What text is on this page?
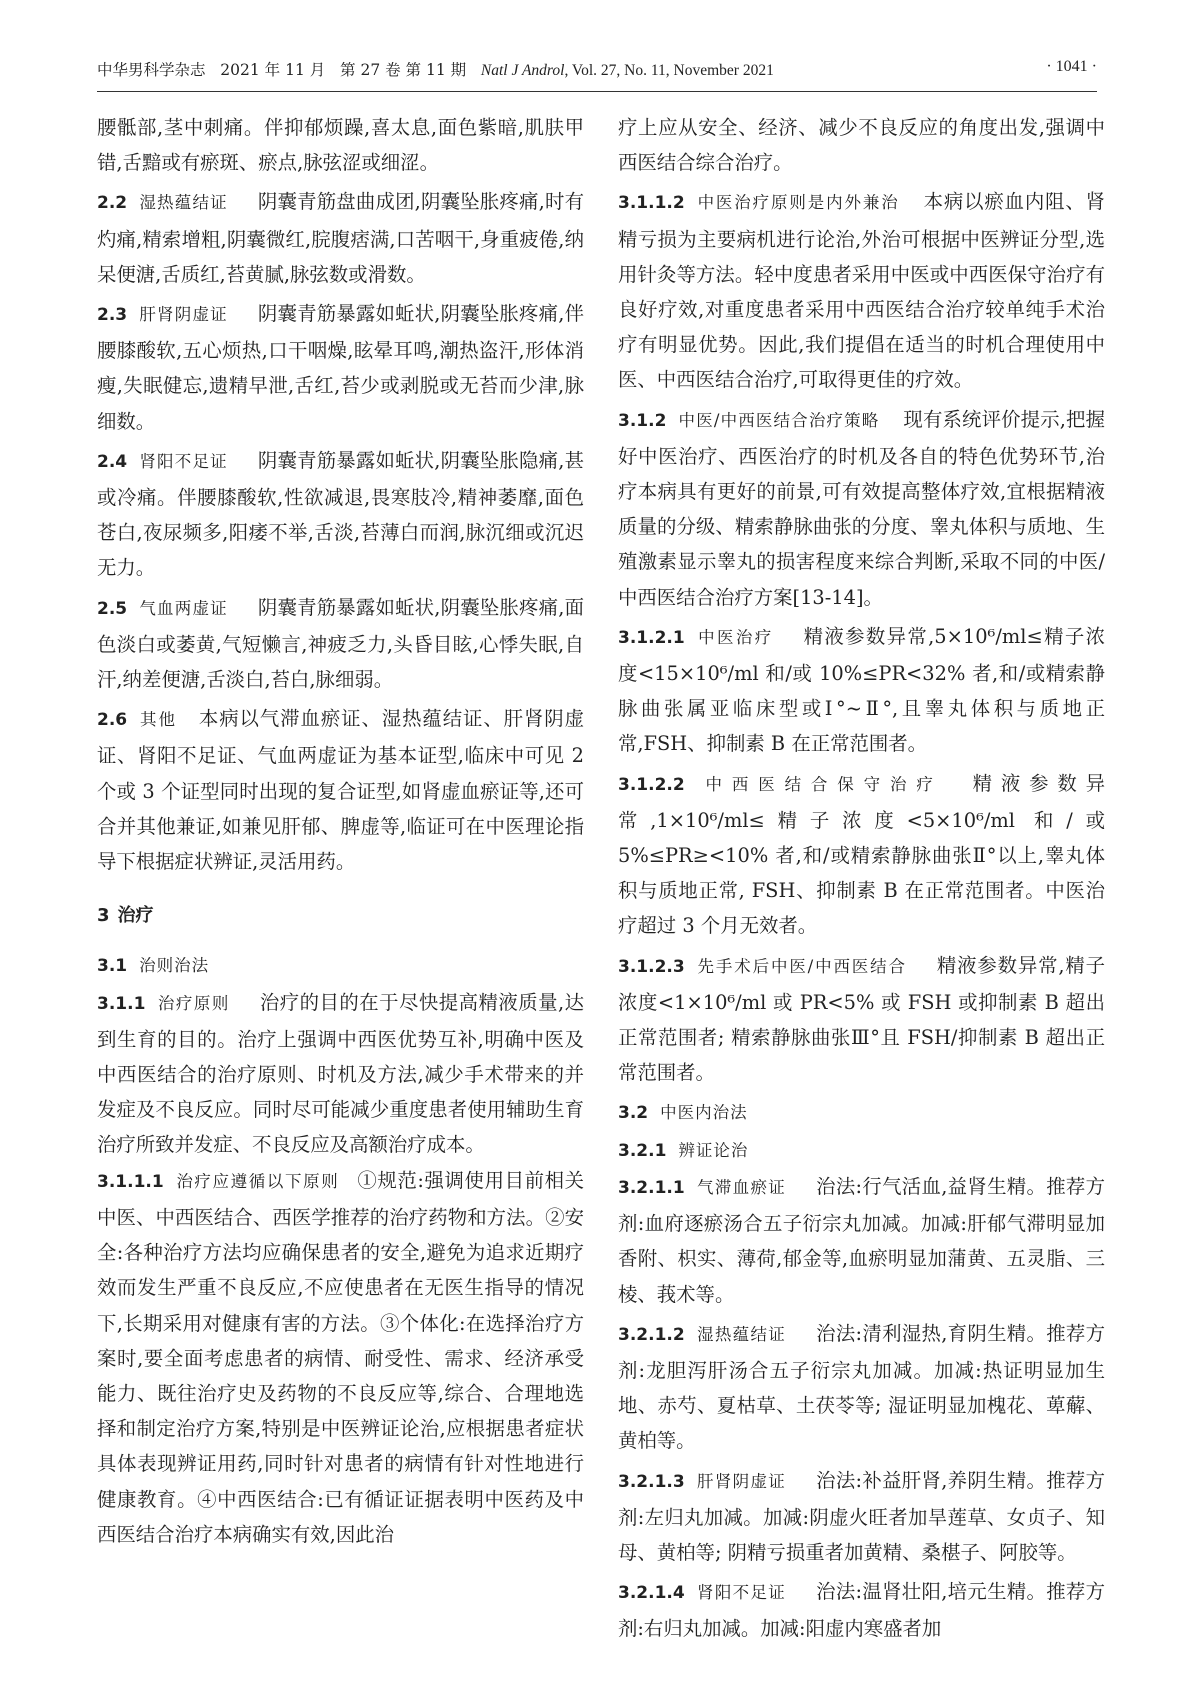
中华男科学杂志 2021 年 11 月 第 27 卷 第 11 期 Natl J Androl, Vol. 27, No. 11, November 2021	· 1041 ·

腰骶部,茎中刺痛。伴抑郁烦躁,喜太息,面色紫暗,肌肤甲错,舌黯或有瘀斑、瘀点,脉弦涩或细涩。

2.2 湿热蕴结证 阴囊青筋盘曲成团,阴囊坠胀疼痛,时有灼痛,精索增粗,阴囊微红,脘腹痞满,口苦咽干,身重疲倦,纳呆便溏,舌质红,苔黄腻,脉弦数或滑数。

2.3 肝肾阴虚证 阴囊青筋暴露如蚯状,阴囊坠胀疼痛,伴腰膝酸软,五心烦热,口干咽燥,眩晕耳鸣,潮热盗汗,形体消瘦,失眠健忘,遗精早泄,舌红,苔少或剥脱或无苔而少津,脉细数。

2.4 肾阳不足证 阴囊青筋暴露如蚯状,阴囊坠胀隐痛,甚或冷痛。伴腰膝酸软,性欲减退,畏寒肢冷,精神萎靡,面色苍白,夜尿频多,阳痿不举,舌淡,苔薄白而润,脉沉细或沉迟无力。

2.5 气血两虚证 阴囊青筋暴露如蚯状,阴囊坠胀疼痛,面色淡白或萎黄,气短懒言,神疲乏力,头昏目眩,心悸失眠,自汗,纳差便溏,舌淡白,苔白,脉细弱。

2.6 其他 本病以气滞血瘀证、湿热蕴结证、肝肾阴虚证、肾阳不足证、气血两虚证为基本证型,临床中可见 2 个或 3 个证型同时出现的复合证型,如肾虚血瘀证等,还可合并其他兼证,如兼见肝郁、脾虚等,临证可在中医理论指导下根据症状辨证,灵活用药。

3 治疗

3.1 治则治法

3.1.1 治疗原则 治疗的目的在于尽快提高精液质量,达到生育的目的。治疗上强调中西医优势互补,明确中医及中西医结合的治疗原则、时机及方法,减少手术带来的并发症及不良反应。同时尽可能减少重度患者使用辅助生育治疗所致并发症、不良反应及高额治疗成本。

3.1.1.1 治疗应遵循以下原则 ①规范:强调使用目前相关中医、中西医结合、西医学推荐的治疗药物和方法。②安全:各种治疗方法均应确保患者的安全,避免为追求近期疗效而发生严重不良反应,不应使患者在无医生指导的情况下,长期采用对健康有害的方法。③个体化:在选择治疗方案时,要全面考虑患者的病情、耐受性、需求、经济承受能力、既往治疗史及药物的不良反应等,综合、合理地选择和制定治疗方案,特别是中医辨证论治,应根据患者症状具体表现辨证用药,同时针对患者的病情有针对性地进行健康教育。④中西医结合:已有循证证据表明中医药及中西医结合治疗本病确实有效,因此治

疗上应从安全、经济、减少不良反应的角度出发,强调中西医结合综合治疗。

3.1.1.2 中医治疗原则是内外兼治 本病以瘀血内阻、肾精亏损为主要病机进行论治,外治可根据中医辨证分型,选用针灸等方法。轻中度患者采用中医或中西医保守治疗有良好疗效,对重度患者采用中西医结合治疗较单纯手术治疗有明显优势。因此,我们提倡在适当的时机合理使用中医、中西医结合治疗,可取得更佳的疗效。

3.1.2 中医/中西医结合治疗策略 现有系统评价提示,把握好中医治疗、西医治疗的时机及各自的特色优势环节,治疗本病具有更好的前景,可有效提高整体疗效,宜根据精液质量的分级、精索静脉曲张的分度、睾丸体积与质地、生殖激素显示睾丸的损害程度来综合判断,采取不同的中医/中西医结合治疗方案[13-14]。

3.1.2.1 中医治疗 精液参数异常,5×10⁶/ml≤精子浓度<15×10⁶/ml 和/或 10%≤PR<32% 者,和/或精索静脉曲张属亚临床型或Ⅰ°~Ⅱ°,且睾丸体积与质地正常,FSH、抑制素 B 在正常范围者。

3.1.2.2 中西医结合保守治疗 精液参数异常,1×10⁶/ml≤精子浓度<5×10⁶/ml 和/或 5%≤PR≥<10% 者,和/或精索静脉曲张Ⅱ°以上,睾丸体积与质地正常, FSH、抑制素 B 在正常范围者。中医治疗超过 3 个月无效者。

3.1.2.3 先手术后中医/中西医结合 精液参数异常,精子浓度<1×10⁶/ml 或 PR<5% 或 FSH 或抑制素 B 超出正常范围者; 精索静脉曲张Ⅲ°且 FSH/抑制素 B 超出正常范围者。

3.2 中医内治法

3.2.1 辨证论治

3.2.1.1 气滞血瘀证 治法:行气活血,益肾生精。推荐方剂:血府逐瘀汤合五子衍宗丸加减。加减:肝郁气滞明显加香附、枳实、薄荷,郁金等,血瘀明显加蒲黄、五灵脂、三棱、莪术等。

3.2.1.2 湿热蕴结证 治法:清利湿热,育阴生精。推荐方剂:龙胆泻肝汤合五子衍宗丸加减。加减:热证明显加生地、赤芍、夏枯草、土茯苓等; 湿证明显加槐花、萆薢、黄柏等。

3.2.1.3 肝肾阴虚证 治法:补益肝肾,养阴生精。推荐方剂:左归丸加减。加减:阴虚火旺者加旱莲草、女贞子、知母、黄柏等; 阴精亏损重者加黄精、桑椹子、阿胶等。

3.2.1.4 肾阳不足证 治法:温肾壮阳,培元生精。推荐方剂:右归丸加减。加减:阳虚内寒盛者加
